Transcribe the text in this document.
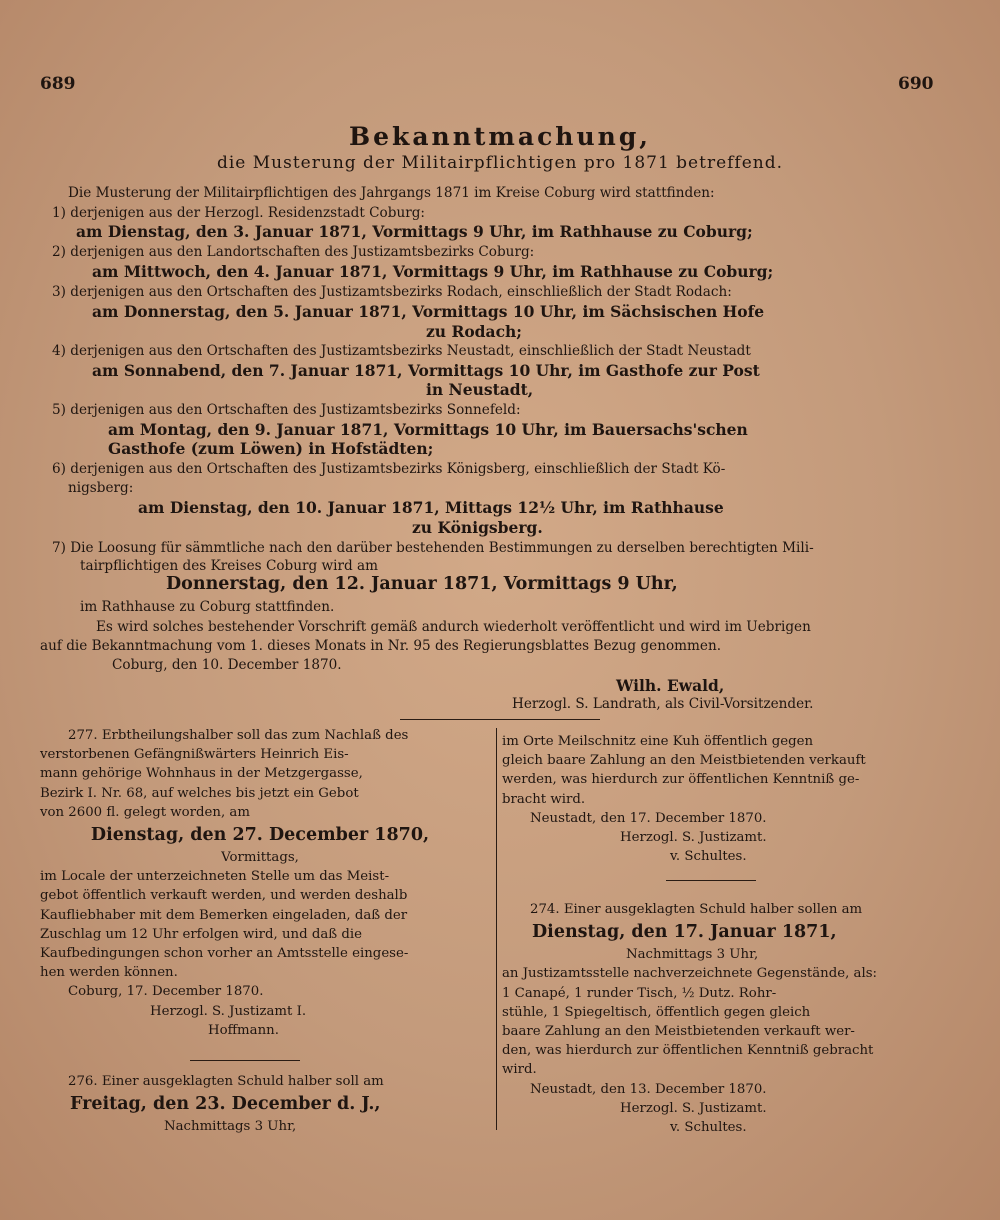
689	690
Bekanntmachung,
die Musterung der Militairpflichtigen pro 1871 betreffend.
Die Musterung der Militairpflichtigen des Jahrgangs 1871 im Kreise Coburg wird stattfinden:
1) derjenigen aus der Herzogl. Residenzstadt Coburg:
am Dienstag, den 3. Januar 1871, Vormittags 9 Uhr, im Rathhause zu Coburg;
2) derjenigen aus den Landortschaften des Justizamtsbezirks Coburg:
am Mittwoch, den 4. Januar 1871, Vormittags 9 Uhr, im Rathhause zu Coburg;
3) derjenigen aus den Ortschaften des Justizamtsbezirks Rodach, einschließlich der Stadt Rodach:
am Donnerstag, den 5. Januar 1871, Vormittags 10 Uhr, im Sächsischen Hofe
zu Rodach;
4) derjenigen aus den Ortschaften des Justizamtsbezirks Neustadt, einschließlich der Stadt Neustadt
am Sonnabend, den 7. Januar 1871, Vormittags 10 Uhr, im Gasthofe zur Post
in Neustadt,
5) derjenigen aus den Ortschaften des Justizamtsbezirks Sonnefeld:
am Montag, den 9. Januar 1871, Vormittags 10 Uhr, im Bauersachs'schen
Gasthofe (zum Löwen) in Hofstädten;
6) derjenigen aus den Ortschaften des Justizamtsbezirks Königsberg, einschließlich der Stadt Kö-
nigsberg:
am Dienstag, den 10. Januar 1871, Mittags 12½ Uhr, im Rathhause
zu Königsberg.
7) Die Loosung für sämmtliche nach den darüber bestehenden Bestimmungen zu derselben berechtigten Mili-
tairpflichtigen des Kreises Coburg wird am
Donnerstag, den 12. Januar 1871, Vormittags 9 Uhr,
im Rathhause zu Coburg stattfinden.
Es wird solches bestehender Vorschrift gemäß andurch wiederholt veröffentlicht und wird im Uebrigen
auf die Bekanntmachung vom 1. dieses Monats in Nr. 95 des Regierungsblattes Bezug genommen.
Coburg, den 10. December 1870.
Wilh. Ewald,
Herzogl. S. Landrath, als Civil-Vorsitzender.

277. Erbtheilungshalber soll das zum Nachlaß des

verstorbenen Gefängnißwärters Heinrich Eis-

mann gehörige Wohnhaus in der Metzgergasse,

Bezirk I. Nr. 68, auf welches bis jetzt ein Gebot

von 2600 fl. gelegt worden, am

Dienstag, den 27. December 1870,

Vormittags,

im Locale der unterzeichneten Stelle um das Meist-

gebot öffentlich verkauft werden, und werden deshalb

Kaufliebhaber mit dem Bemerken eingeladen, daß der

Zuschlag um 12 Uhr erfolgen wird, und daß die

Kaufbedingungen schon vorher an Amtsstelle eingese-

hen werden können.

Coburg, 17. December 1870.

Herzogl. S. Justizamt I.

Hoffmann.

276. Einer ausgeklagten Schuld halber soll am

Freitag, den 23. December d. J.,

Nachmittags 3 Uhr,

im Orte Meilschnitz eine Kuh öffentlich gegen

gleich baare Zahlung an den Meistbietenden verkauft

werden, was hierdurch zur öffentlichen Kenntniß ge-

bracht wird.

Neustadt, den 17. December 1870.

Herzogl. S. Justizamt.

v. Schultes.

274. Einer ausgeklagten Schuld halber sollen am

Dienstag, den 17. Januar 1871,

Nachmittags 3 Uhr,

an Justizamtsstelle nachverzeichnete Gegenstände, als:

1 Canapé, 1 runder Tisch, ½ Dutz. Rohr-

stühle, 1 Spiegeltisch, öffentlich gegen gleich

baare Zahlung an den Meistbietenden verkauft wer-

den, was hierdurch zur öffentlichen Kenntniß gebracht

wird.

Neustadt, den 13. December 1870.

Herzogl. S. Justizamt.

v. Schultes.
